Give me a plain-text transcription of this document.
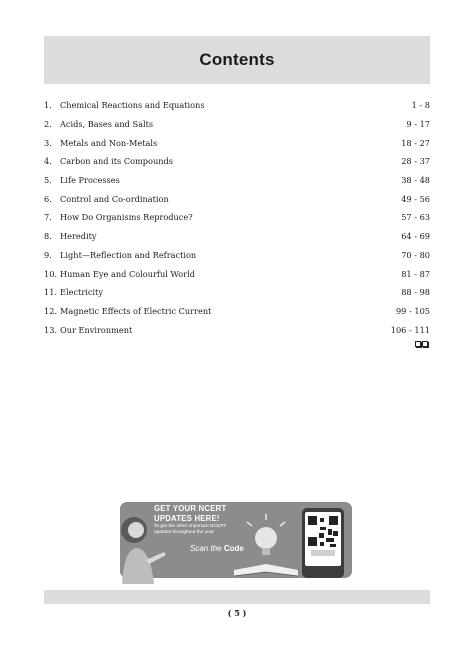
Contents
1. Chemical Reactions and Equations	1 - 8
2. Acids, Bases and Salts	9 - 17
3. Metals and Non-Metals	18 - 27
4. Carbon and its Compounds	28 - 37
5. Life Processes	38 - 48
6. Control and Co-ordination	49 - 56
7. How Do Organisms Reproduce?	57 - 63
8. Heredity	64 - 69
9. Light—Reflection and Refraction	70 - 80
10. Human Eye and Colourful World	81 - 87
11. Electricity	88 - 98
12. Magnetic Effects of Electric Current	99 - 105
13. Our Environment	106 - 111
GET YOUR NCERT
UPDATES HERE!
To get the other important NCERT updates throughout the year
Scan the Code
( 5 )
